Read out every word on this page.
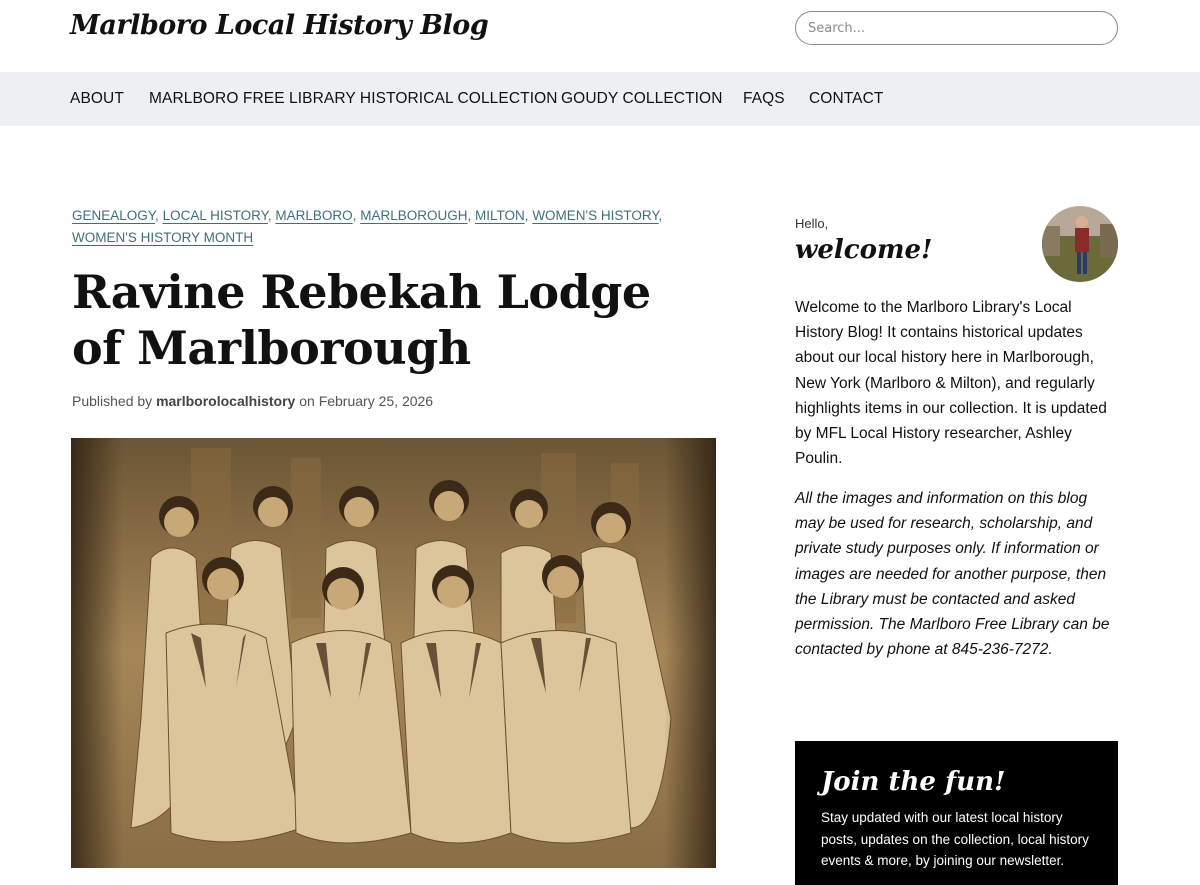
Marlboro Local History Blog
Search...
ABOUT MARLBORO FREE LIBRARY HISTORICAL COLLECTION GOUDY COLLECTION FAQS CONTACT
GENEALOGY, LOCAL HISTORY, MARLBORO, MARLBOROUGH, MILTON, WOMEN'S HISTORY,
WOMEN'S HISTORY MONTH
Ravine Rebekah Lodge
of Marlborough
Published by marlborolocalhistory on February 25, 2026
Hello,
welcome!

Welcome to the Marlboro Library's Local History Blog! It contains historical updates about our local history here in Marlborough, New York (Marlboro & Milton), and regularly highlights items in our collection. It is updated by MFL Local History researcher, Ashley Poulin.

All the images and information on this blog may be used for research, scholarship, and private study purposes only. If information or images are needed for another purpose, then the Library must be contacted and asked permission. The Marlboro Free Library can be contacted by phone at 845-236-7272.

Join the fun!
Stay updated with our latest local history posts, updates on the collection, local history events & more, by joining our newsletter.
